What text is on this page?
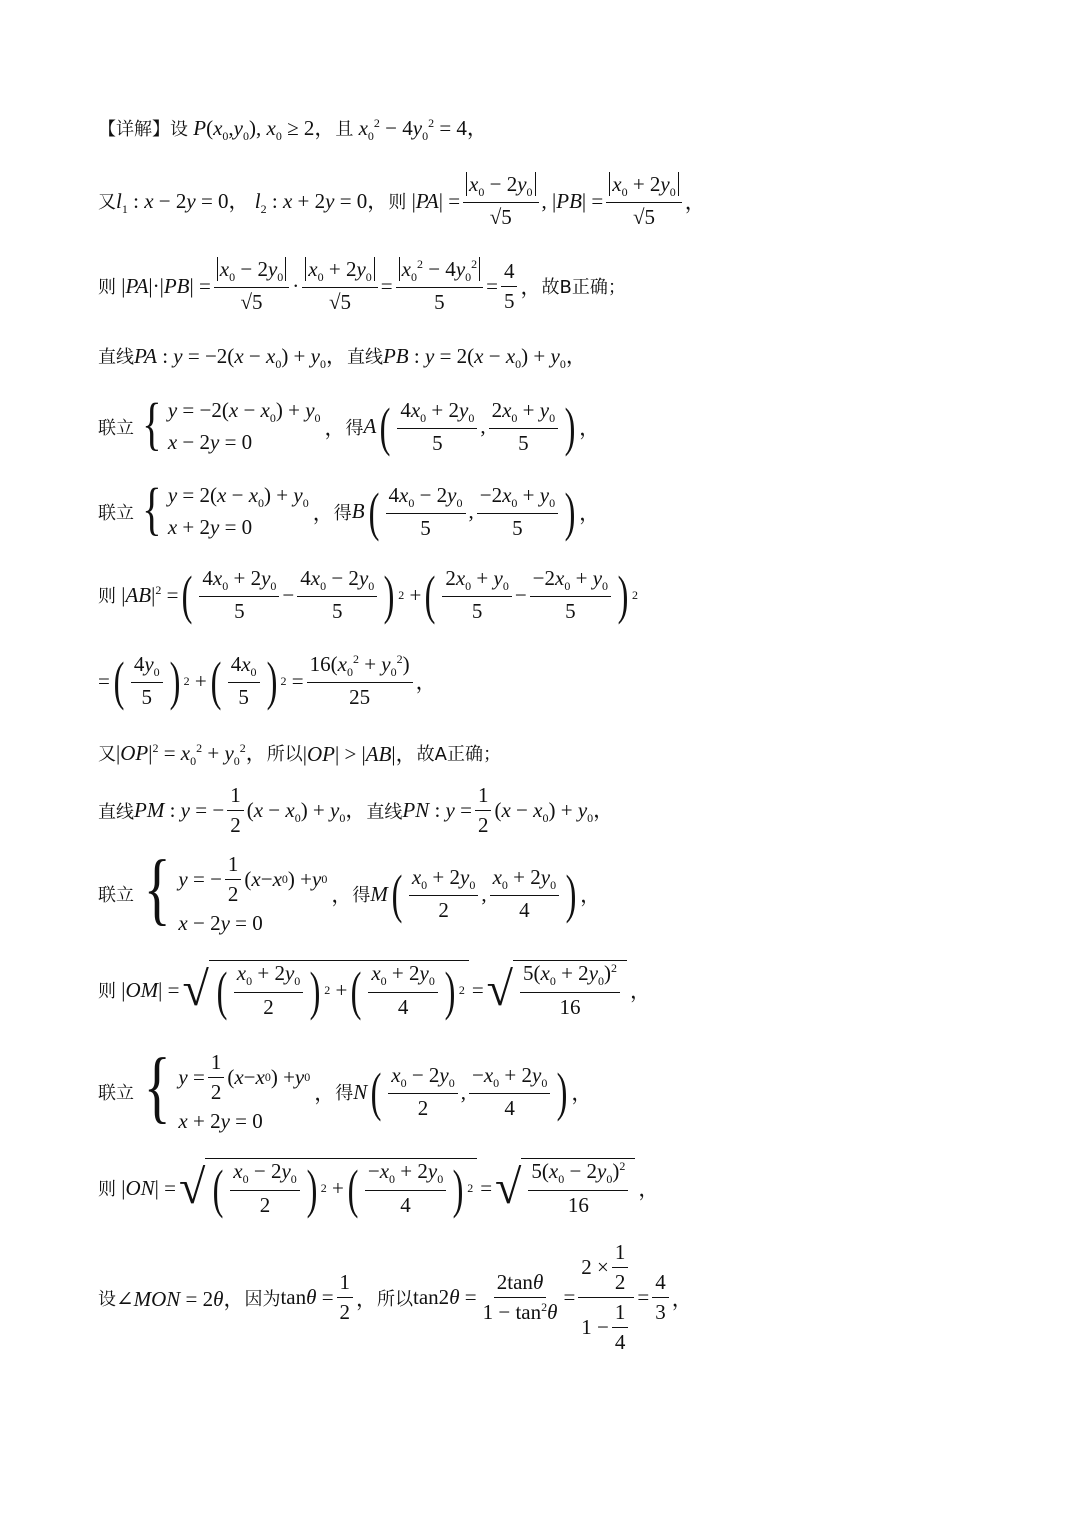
【详解】 设 $P(x_0,y_0)$, $x_0 \ge 2$， 且 $x_0^2 - 4y_0^2 = 4$，
又 $l_1$ : x − 2y = 0， $l_2$ : x + 2y = 0， 则 $|PA| = \frac{x_0 - 2y_0}{√5}$ , $|PB| = \frac{x_0 + 2y_0}{√5}$ ，
则 $|PA|\cdot|PB| = \frac{x_0 - 2y_0}{√5} \cdot \frac{x_0 + 2y_0}{√5} = \frac{x_0^2 - 4y_0^2}{5} = \frac{4}{5}$ ， 故B正确；
直线 PA : $y = -2(x - x_0) + y_0$， 直线 PB : $y = 2(x - x_0) + y_0$，
联立 { $y = -2(x - x_0) + y_0$
x − 2y = 0
， 得 A ( $\frac{4x_0 + 2y_0}{5}$ , $\frac{2x_0 + y_0}{5}$ ) ，
联立 { $y = 2(x - x_0) + y_0$
x + 2y = 0
， 得 B ( $\frac{4x_0 - 2y_0}{5}$ , $\frac{-2x_0 + y_0}{5}$ ) ，
则 $|AB|^2$ = ( $\frac{4x_0 + 2y_0}{5} - \frac{4x_0 - 2y_0}{5}$ ) 2 + ( $\frac{2x_0 + y_0}{5} - \frac{-2x_0 + y_0}{5}$ ) 2
= ( $\frac{4y_0}{5}$ ) 2 + ( $\frac{4x_0}{5}$ ) $2 = \frac{16(x_0^2 + y_0^2)}{25}$ ，
又 $|OP|^2 = x_0^2 + y_0^2$， 所以 |OP| > |AB|， 故A正确；
直线 PM : y = − $\frac{1}{2} (x - x_0) + y_0$， 直线 PN : $y = \frac{1}{2} (x - x_0) + y_0$，
联立 { y = − $\frac{1}{2}$ ( x − x 0 ) + y 0
x − 2y = 0
， 得 M ( $\frac{x_0 + 2y_0}{2}$ , $\frac{x_0 + 2y_0}{4}$ ) ，
则 |OM| = √ ( $\frac{x_0 + 2y_0}{2}$ ) 2 + ( $\frac{x_0 + 2y_0}{4}$ ) 2 = √ $\frac{5(x_0 + 2y_0)^2}{16}$ ，
联立 { $y = \frac{1}{2}$ ( x − x 0 ) + y 0
x + 2y = 0
， 得 N ( $\frac{x_0 - 2y_0}{2}$ , $\frac{-x_0 + 2y_0}{4}$ ) ，
则 |ON| = √ ( $\frac{x_0 - 2y_0}{2}$ ) 2 + ( $\frac{-x_0 + 2y_0}{4}$ ) 2 = √ $\frac{5(x_0 - 2y_0)^2}{16}$ ，
设 ∠MON = 2θ， 因为 $\tan\theta = \frac{1}{2}$ ， 所以 $\tan 2\theta = \frac{2\tan\theta}{1 - \tan^2\theta} = \frac{2 \times \frac{1}{2}}{1 - \frac{1}{4}} = \frac{4}{3}$ ，
